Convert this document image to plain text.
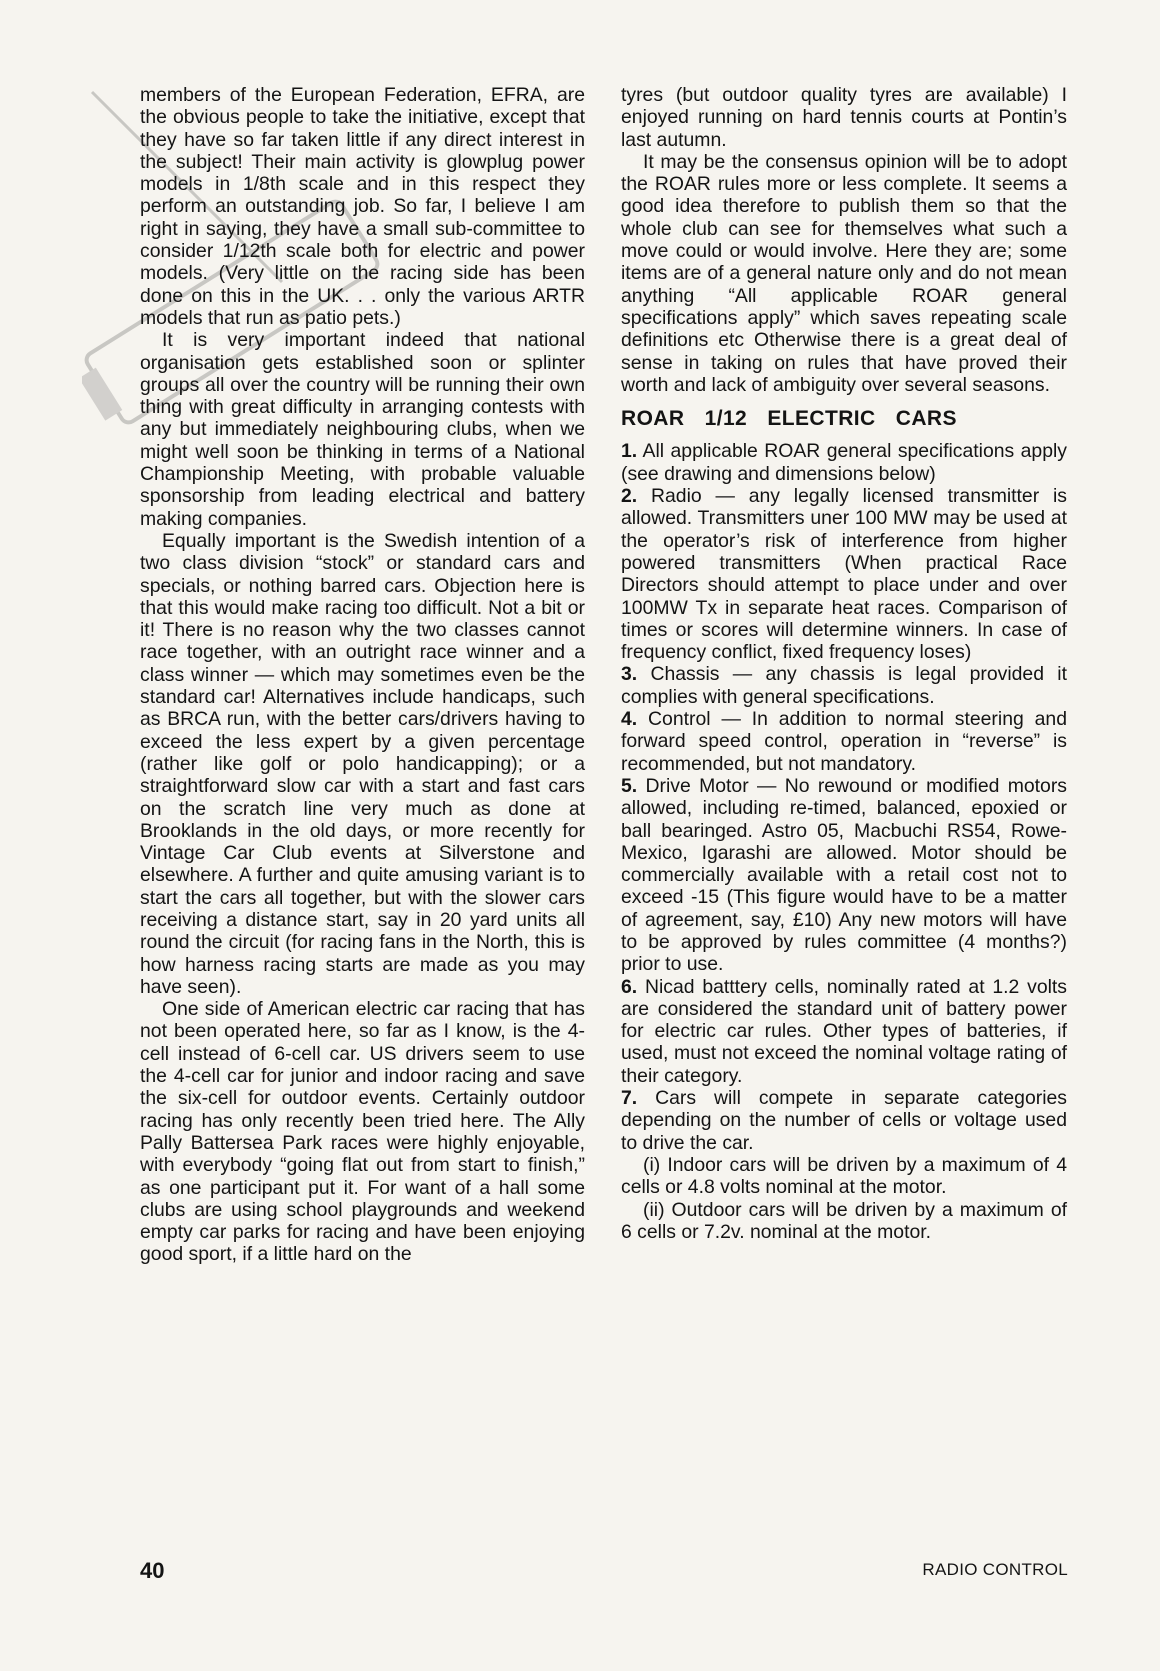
members of the European Federation, EFRA, are the obvious people to take the initiative, except that they have so far taken little if any direct interest in the subject! Their main activity is glowplug power models in 1/8th scale and in this respect they perform an outstanding job. So far, I believe I am right in saying, they have a small sub-committee to consider 1/12th scale both for electric and power models. (Very little on the racing side has been done on this in the UK. . . only the various ARTR models that run as patio pets.)

It is very important indeed that national organisation gets established soon or splinter groups all over the country will be running their own thing with great difficulty in arranging contests with any but immediately neighbouring clubs, when we might well soon be thinking in terms of a National Championship Meeting, with probable valuable sponsorship from leading electrical and battery making companies.

Equally important is the Swedish intention of a two class division “stock” or standard cars and specials, or nothing barred cars. Objection here is that this would make racing too difficult. Not a bit or it! There is no reason why the two classes cannot race together, with an outright race winner and a class winner — which may sometimes even be the standard car! Alternatives include handicaps, such as BRCA run, with the better cars/drivers having to exceed the less expert by a given percentage (rather like golf or polo handicapping); or a straightforward slow car with a start and fast cars on the scratch line very much as done at Brooklands in the old days, or more recently for Vintage Car Club events at Silverstone and elsewhere. A further and quite amusing variant is to start the cars all together, but with the slower cars receiving a distance start, say in 20 yard units all round the circuit (for racing fans in the North, this is how harness racing starts are made as you may have seen).

One side of American electric car racing that has not been operated here, so far as I know, is the 4-cell instead of 6-cell car. US drivers seem to use the 4-cell car for junior and indoor racing and save the six-cell for outdoor events. Certainly outdoor racing has only recently been tried here. The Ally Pally Battersea Park races were highly enjoyable, with everybody “going flat out from start to finish,” as one participant put it. For want of a hall some clubs are using school playgrounds and weekend empty car parks for racing and have been enjoying good sport, if a little hard on the

tyres (but outdoor quality tyres are available) I enjoyed running on hard tennis courts at Pontin’s last autumn.

It may be the consensus opinion will be to adopt the ROAR rules more or less complete. It seems a good idea therefore to publish them so that the whole club can see for themselves what such a move could or would involve. Here they are; some items are of a general nature only and do not mean anything “All applicable ROAR general specifications apply” which saves repeating scale definitions etc Otherwise there is a great deal of sense in taking on rules that have proved their worth and lack of ambiguity over several seasons.

ROAR 1/12 ELECTRIC CARS

1. All applicable ROAR general specifications apply (see drawing and dimensions below)

2. Radio — any legally licensed transmitter is allowed. Transmitters uner 100 MW may be used at the operator’s risk of interference from higher powered transmitters (When practical Race Directors should attempt to place under and over 100MW Tx in separate heat races. Comparison of times or scores will determine winners. In case of frequency conflict, fixed frequency loses)

3. Chassis — any chassis is legal provided it complies with general specifications.

4. Control — In addition to normal steering and forward speed control, operation in “reverse” is recommended, but not mandatory.

5. Drive Motor — No rewound or modified motors allowed, including re-timed, balanced, epoxied or ball bearinged. Astro 05, Macbuchi RS54, Rowe-Mexico, Igarashi are allowed. Motor should be commercially available with a retail cost not to exceed -15 (This figure would have to be a matter of agreement, say, £10) Any new motors will have to be approved by rules committee (4 months?) prior to use.

6. Nicad batttery cells, nominally rated at 1.2 volts are considered the standard unit of battery power for electric car rules. Other types of batteries, if used, must not exceed the nominal voltage rating of their category.

7. Cars will compete in separate categories depending on the number of cells or voltage used to drive the car.

(i) Indoor cars will be driven by a maximum of 4 cells or 4.8 volts nominal at the motor.

(ii) Outdoor cars will be driven by a maximum of 6 cells or 7.2v. nominal at the motor.

40	RADIO CONTROL
